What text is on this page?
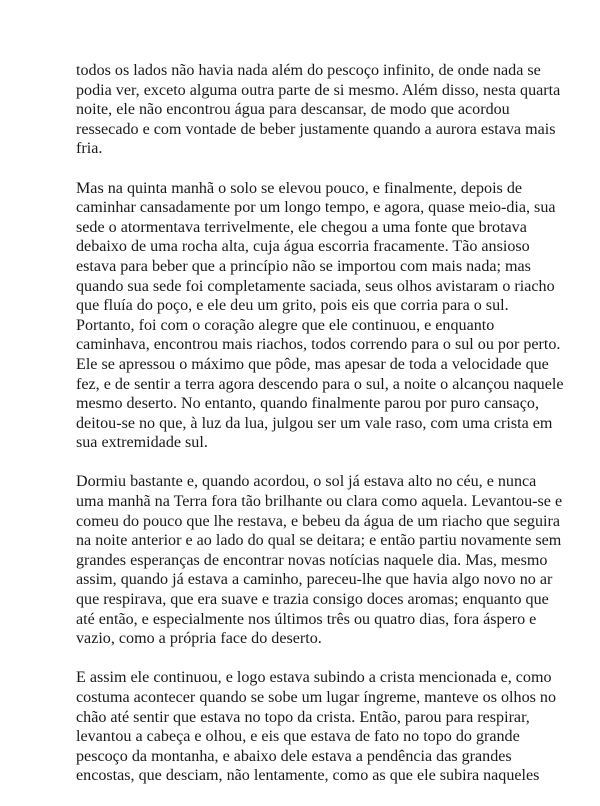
todos os lados não havia nada além do pescoço infinito, de onde nada se
podia ver, exceto alguma outra parte de si mesmo. Além disso, nesta quarta
noite, ele não encontrou água para descansar, de modo que acordou
ressecado e com vontade de beber justamente quando a aurora estava mais
fria.

Mas na quinta manhã o solo se elevou pouco, e finalmente, depois de
caminhar cansadamente por um longo tempo, e agora, quase meio-dia, sua
sede o atormentava terrivelmente, ele chegou a uma fonte que brotava
debaixo de uma rocha alta, cuja água escorria fracamente. Tão ansioso
estava para beber que a princípio não se importou com mais nada; mas
quando sua sede foi completamente saciada, seus olhos avistaram o riacho
que fluía do poço, e ele deu um grito, pois eis que corria para o sul.
Portanto, foi com o coração alegre que ele continuou, e enquanto
caminhava, encontrou mais riachos, todos correndo para o sul ou por perto.
Ele se apressou o máximo que pôde, mas apesar de toda a velocidade que
fez, e de sentir a terra agora descendo para o sul, a noite o alcançou naquele
mesmo deserto. No entanto, quando finalmente parou por puro cansaço,
deitou-se no que, à luz da lua, julgou ser um vale raso, com uma crista em
sua extremidade sul.

Dormiu bastante e, quando acordou, o sol já estava alto no céu, e nunca
uma manhã na Terra fora tão brilhante ou clara como aquela. Levantou-se e
comeu do pouco que lhe restava, e bebeu da água de um riacho que seguira
na noite anterior e ao lado do qual se deitara; e então partiu novamente sem
grandes esperanças de encontrar novas notícias naquele dia. Mas, mesmo
assim, quando já estava a caminho, pareceu-lhe que havia algo novo no ar
que respirava, que era suave e trazia consigo doces aromas; enquanto que
até então, e especialmente nos últimos três ou quatro dias, fora áspero e
vazio, como a própria face do deserto.

E assim ele continuou, e logo estava subindo a crista mencionada e, como
costuma acontecer quando se sobe um lugar íngreme, manteve os olhos no
chão até sentir que estava no topo da crista. Então, parou para respirar,
levantou a cabeça e olhou, e eis que estava de fato no topo do grande
pescoço da montanha, e abaixo dele estava a pendência das grandes
encostas, que desciam, não lentamente, como as que ele subira naqueles
